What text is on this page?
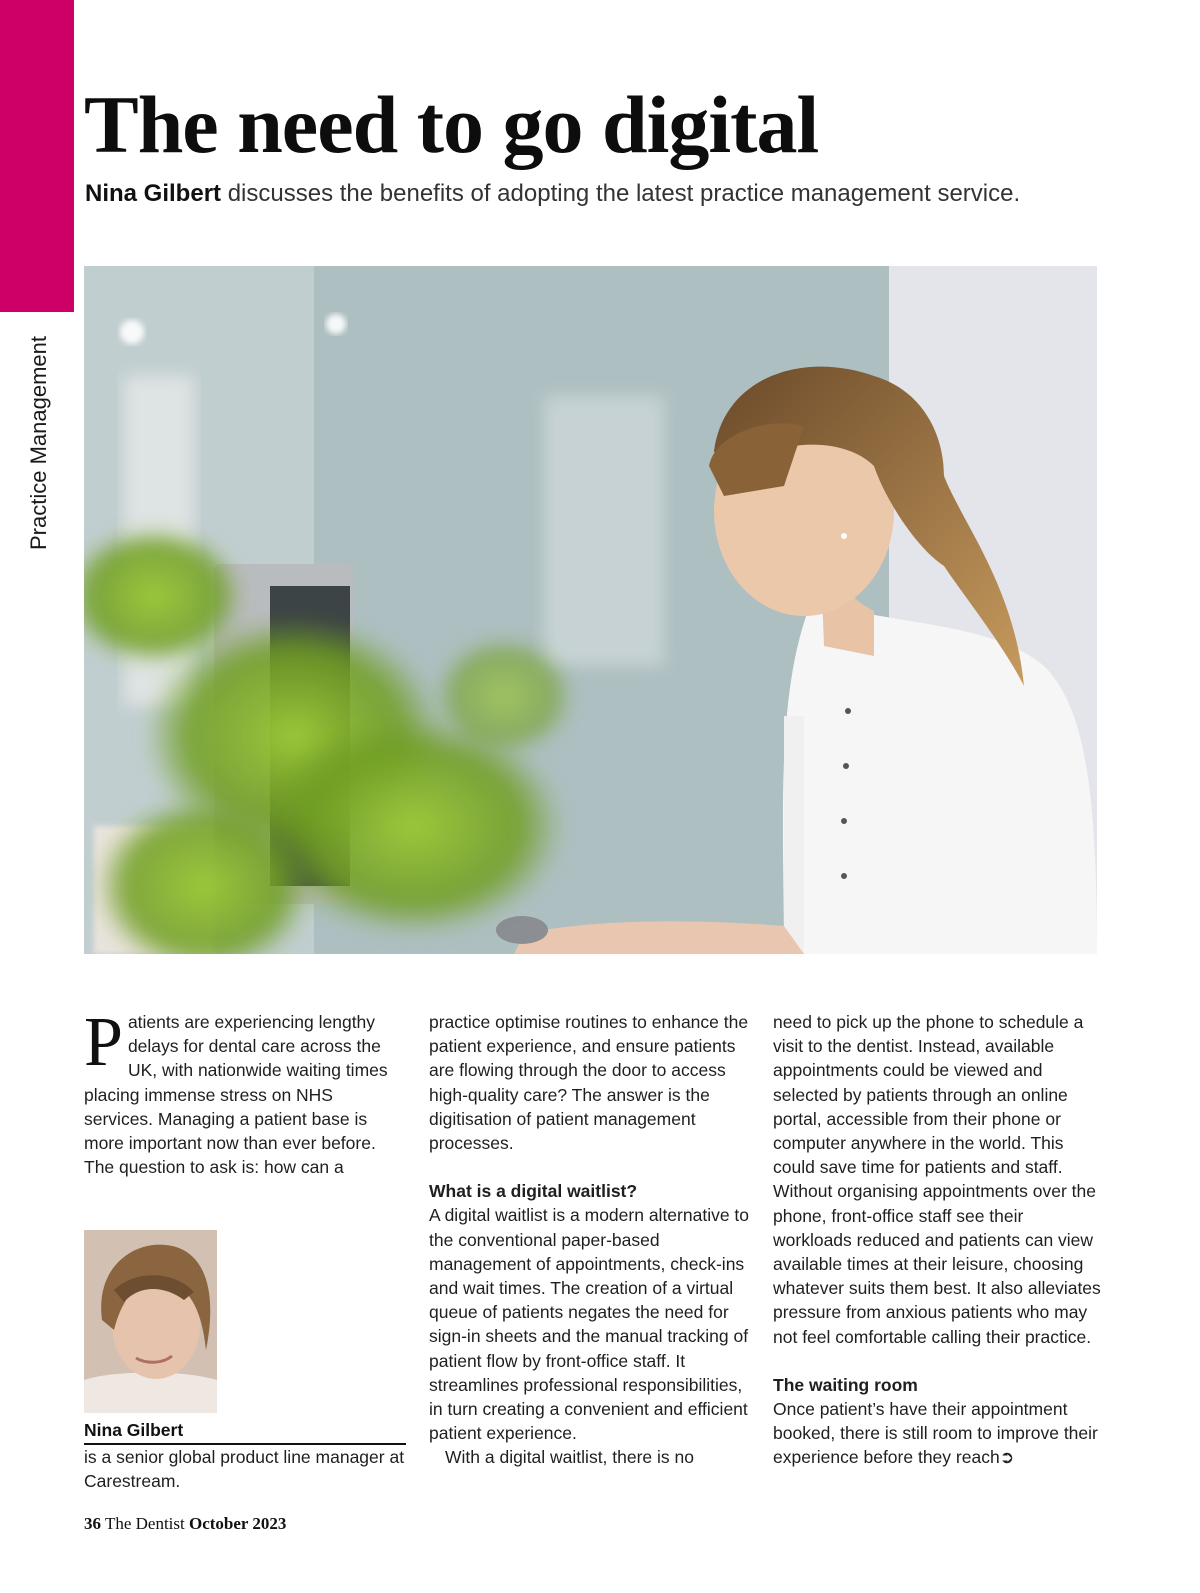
Practice Management
The need to go digital

Nina Gilbert discusses the benefits of adopting the latest practice management service.

Patients are experiencing lengthy delays for dental care across the UK, with nationwide waiting times placing immense stress on NHS services. Managing a patient base is more important now than ever before. The question to ask is: how can a

practice optimise routines to enhance the patient experience, and ensure patients are flowing through the door to access high-quality care? The answer is the digitisation of patient management processes.

What is a digital waitlist?

A digital waitlist is a modern alternative to the conventional paper-based management of appointments, check-ins and wait times. The creation of a virtual queue of patients negates the need for sign-in sheets and the manual tracking of patient flow by front-office staff. It streamlines professional responsibilities, in turn creating a convenient and efficient patient experience.

With a digital waitlist, there is no

need to pick up the phone to schedule a visit to the dentist. Instead, available appointments could be viewed and selected by patients through an online portal, accessible from their phone or computer anywhere in the world. This could save time for patients and staff. Without organising appointments over the phone, front-office staff see their workloads reduced and patients can view available times at their leisure, choosing whatever suits them best. It also alleviates pressure from anxious patients who may not feel comfortable calling their practice.

The waiting room

Once patient’s have their appointment booked, there is still room to improve their experience before they reach➲

Nina Gilbert
is a senior global product line manager at Carestream.
36 The Dentist October 2023
